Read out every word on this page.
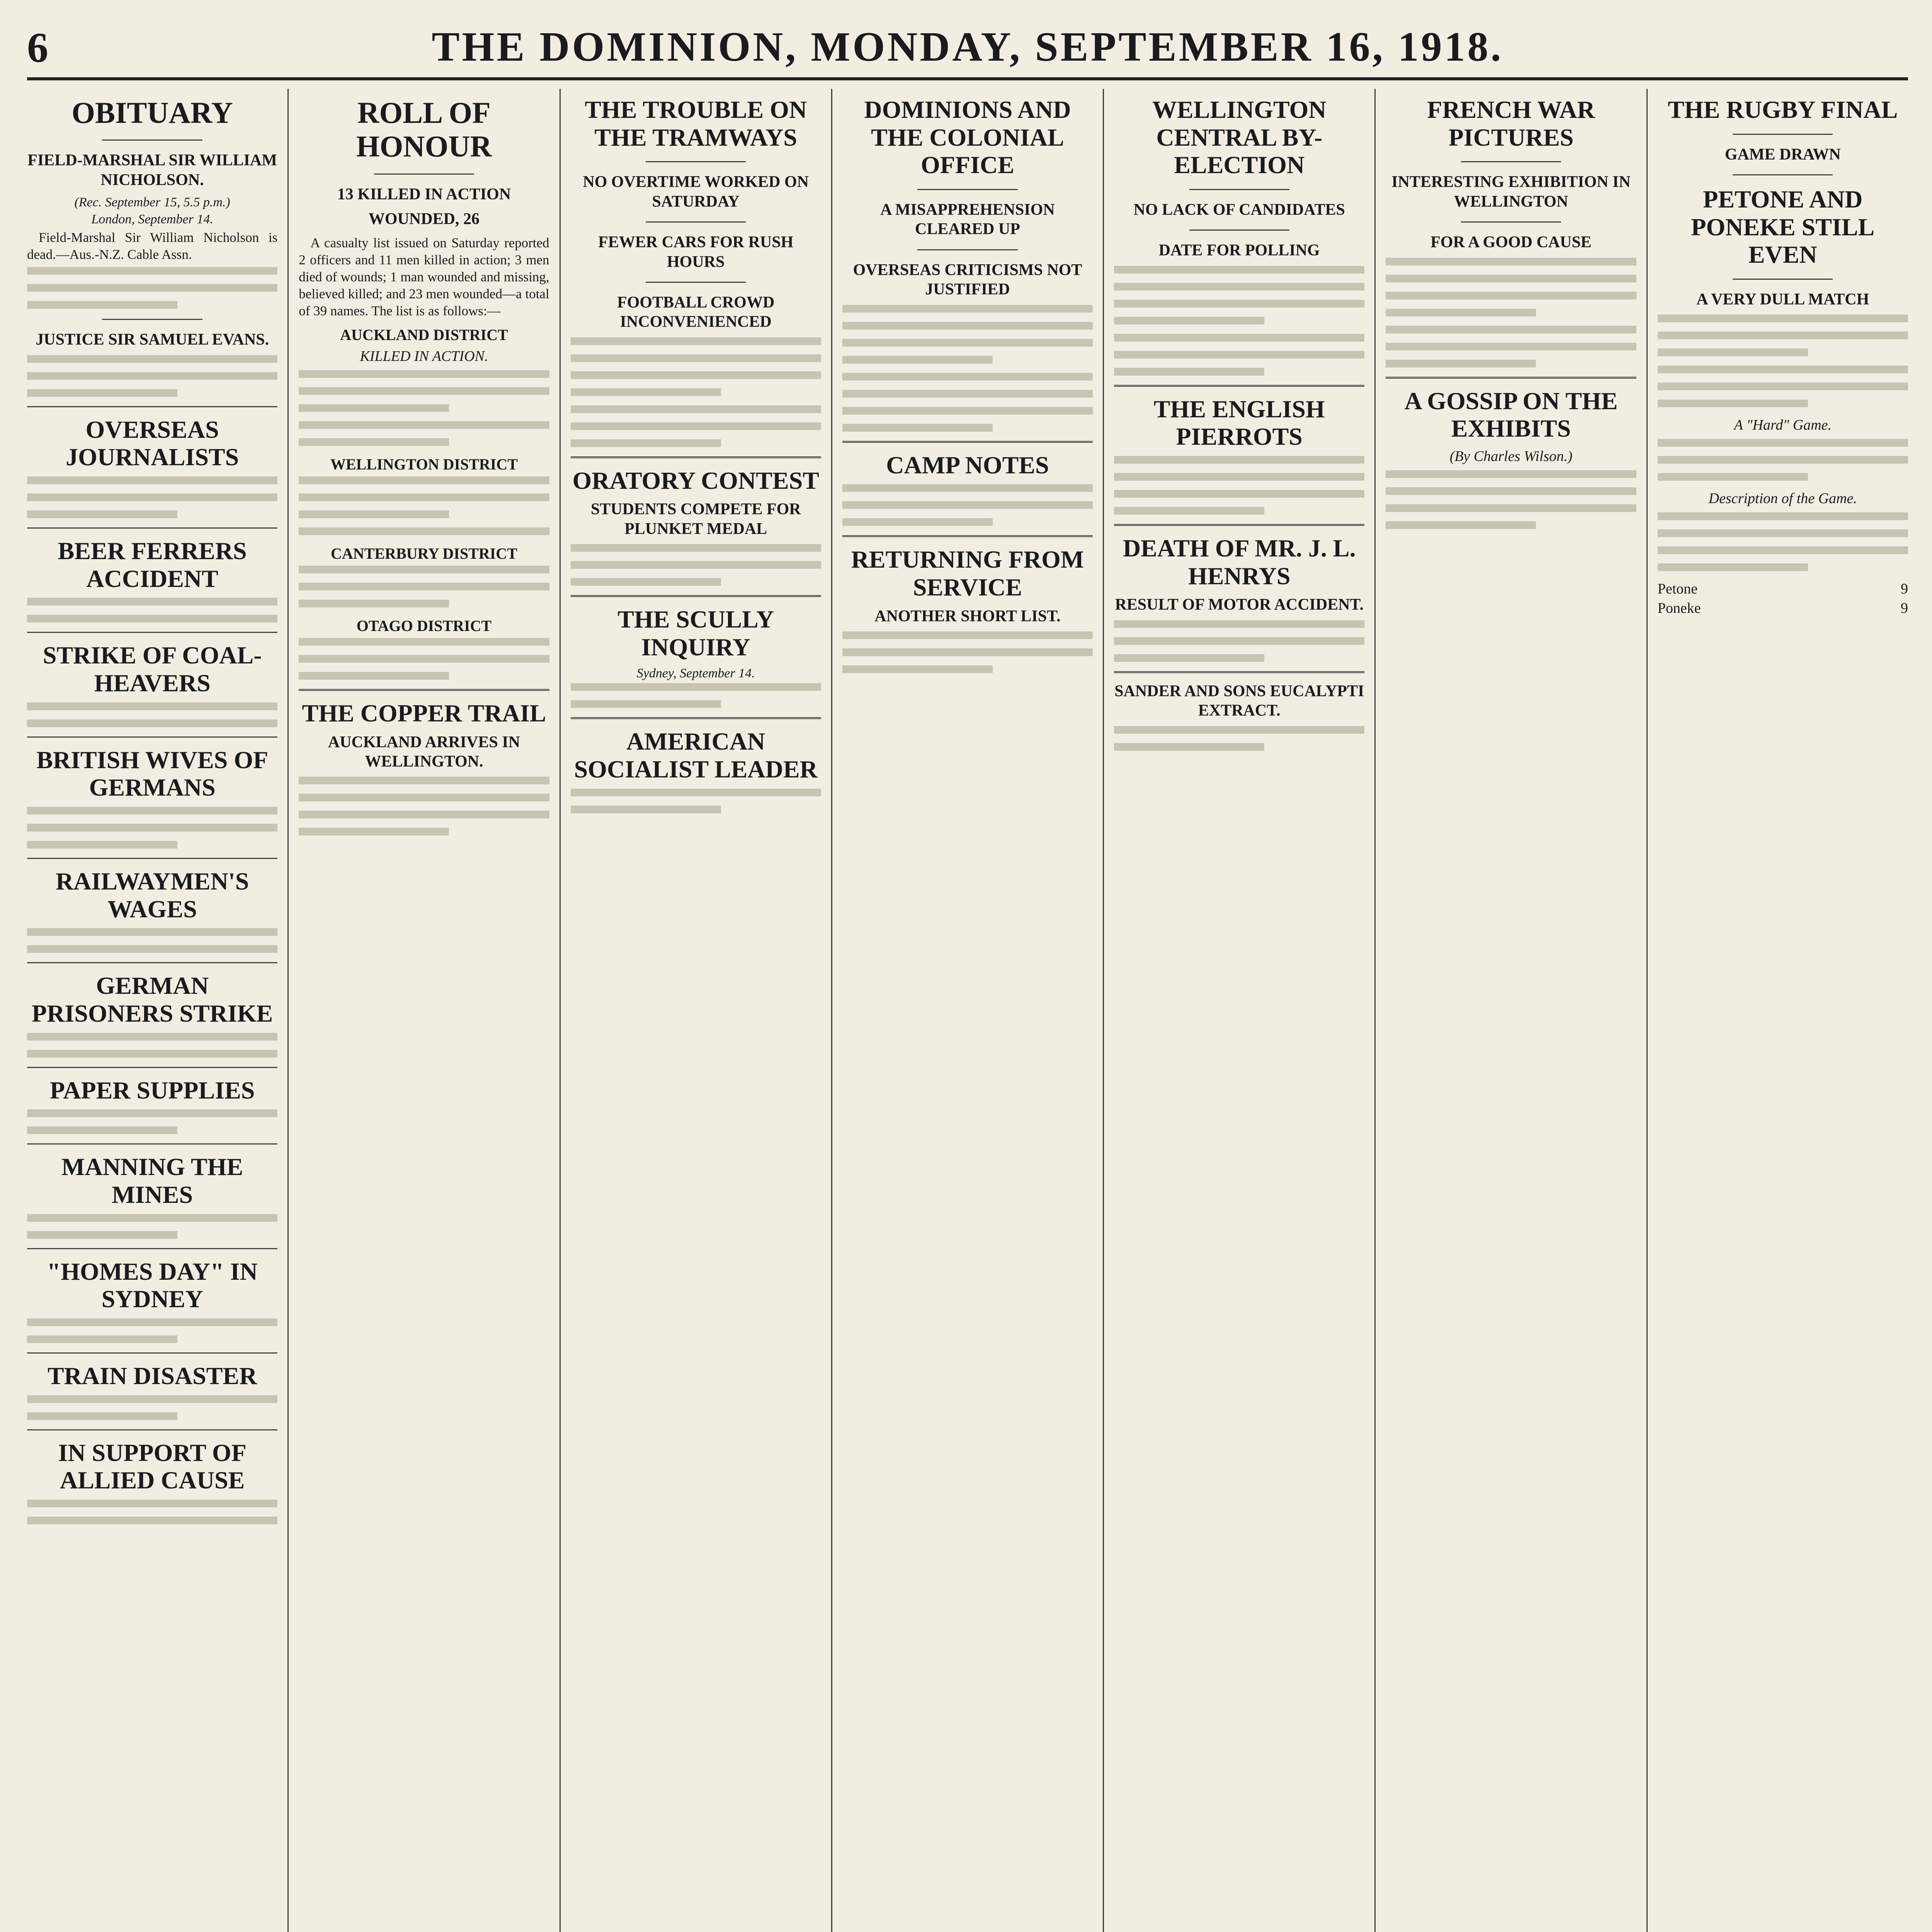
6	THE DOMINION, MONDAY, SEPTEMBER 16, 1918.
OBITUARY
FIELD-MARSHAL SIR WILLIAM NICHOLSON.
(Rec. September 15, 5.5 p.m.)
London, September 14.
Field-Marshal Sir William Nicholson is dead.—Aus.-N.Z. Cable Assn.
JUSTICE SIR SAMUEL EVANS.
OVERSEAS JOURNALISTS
BEER FERRERS ACCIDENT
STRIKE OF COAL-HEAVERS
BRITISH WIVES OF GERMANS
RAILWAYMEN'S WAGES
GERMAN PRISONERS STRIKE
PAPER SUPPLIES
MANNING THE MINES
"HOMES DAY" IN SYDNEY
TRAIN DISASTER
IN SUPPORT OF ALLIED CAUSE
ROLL OF HONOUR
13 KILLED IN ACTION
WOUNDED, 26
A casualty list issued on Saturday reported 2 officers and 11 men killed in action; 3 men died of wounds; 1 man wounded and missing, believed killed; and 23 men wounded—a total of 39 names. The list is as follows:—
AUCKLAND DISTRICT
KILLED IN ACTION.
WELLINGTON DISTRICT
CANTERBURY DISTRICT
OTAGO DISTRICT
THE COPPER TRAIL
AUCKLAND ARRIVES IN WELLINGTON.
THE TROUBLE ON THE TRAMWAYS
NO OVERTIME WORKED ON SATURDAY
FEWER CARS FOR RUSH HOURS
FOOTBALL CROWD INCONVENIENCED
ORATORY CONTEST
STUDENTS COMPETE FOR PLUNKET MEDAL
THE SCULLY INQUIRY
Sydney, September 14.
AMERICAN SOCIALIST LEADER
DOMINIONS AND THE COLONIAL OFFICE
A MISAPPREHENSION CLEARED UP
OVERSEAS CRITICISMS NOT JUSTIFIED
CAMP NOTES
RETURNING FROM SERVICE
ANOTHER SHORT LIST.
WELLINGTON CENTRAL BY-ELECTION
NO LACK OF CANDIDATES
DATE FOR POLLING
THE ENGLISH PIERROTS
DEATH OF MR. J. L. HENRYS
RESULT OF MOTOR ACCIDENT.
SANDER AND SONS EUCALYPTI EXTRACT.
FRENCH WAR PICTURES
INTERESTING EXHIBITION IN WELLINGTON
FOR A GOOD CAUSE
A GOSSIP ON THE EXHIBITS
(By Charles Wilson.)
THE RUGBY FINAL
GAME DRAWN
PETONE AND PONEKE STILL EVEN
A VERY DULL MATCH
A "Hard" Game.
Description of the Game.
Petone	9
Poneke	9
